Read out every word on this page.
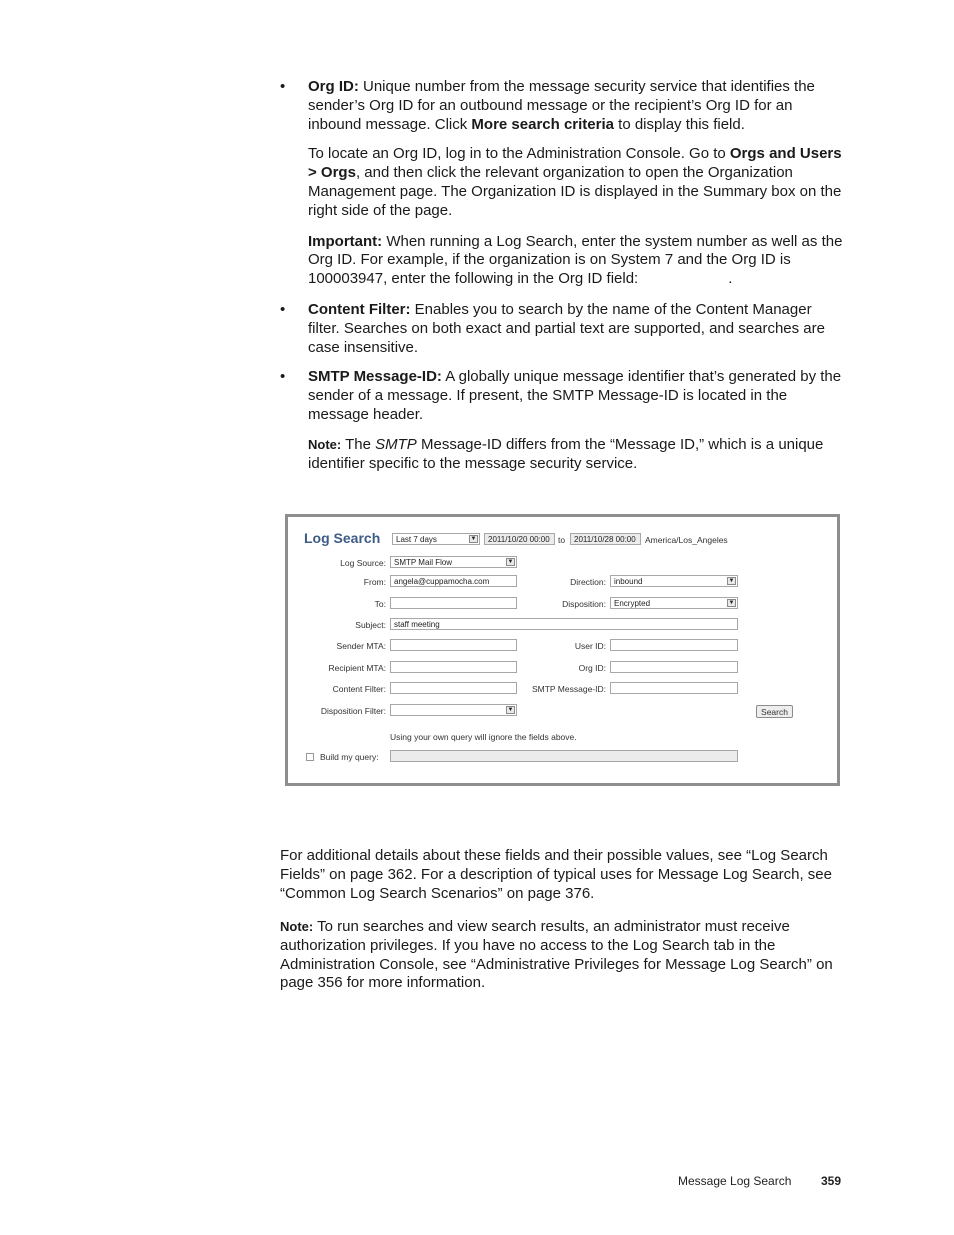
• Org ID: Unique number from the message security service that identifies the sender’s Org ID for an outbound message or the recipient’s Org ID for an inbound message. Click More search criteria to display this field.

To locate an Org ID, log in to the Administration Console. Go to Orgs and Users > Orgs, and then click the relevant organization to open the Organization Management page. The Organization ID is displayed in the Summary box on the right side of the page.

Important: When running a Log Search, enter the system number as well as the Org ID. For example, if the organization is on System 7 and the Org ID is 100003947, enter the following in the Org ID field:	.

• Content Filter: Enables you to search by the name of the Content Manager filter. Searches on both exact and partial text are supported, and searches are case insensitive.

• SMTP Message-ID: A globally unique message identifier that’s generated by the sender of a message. If present, the SMTP Message-ID is located in the message header.

Note: The SMTP Message-ID differs from the “Message ID,” which is a unique identifier specific to the message security service.

Log Search	Last 7 days	▼	2011/10/20 00:00 to	2011/10/28 00:00	America/Los_Angeles
Log Source:	SMTP Mail Flow	▼
From:	angela@cuppamocha.com	Direction:	inbound	▼
To:	Disposition:	Encrypted	▼
Subject:	staff meeting
Sender MTA:	User ID:
Recipient MTA:	Org ID:
Content Filter:	SMTP Message-ID:
Disposition Filter:	▼	Search
Using your own query will ignore the fields above.
Build my query:
For additional details about these fields and their possible values, see “Log Search Fields” on page 362. For a description of typical uses for Message Log Search, see “Common Log Search Scenarios” on page 376.
Note: To run searches and view search results, an administrator must receive authorization privileges. If you have no access to the Log Search tab in the Administration Console, see “Administrative Privileges for Message Log Search” on page 356 for more information.
Message Log Search 359
